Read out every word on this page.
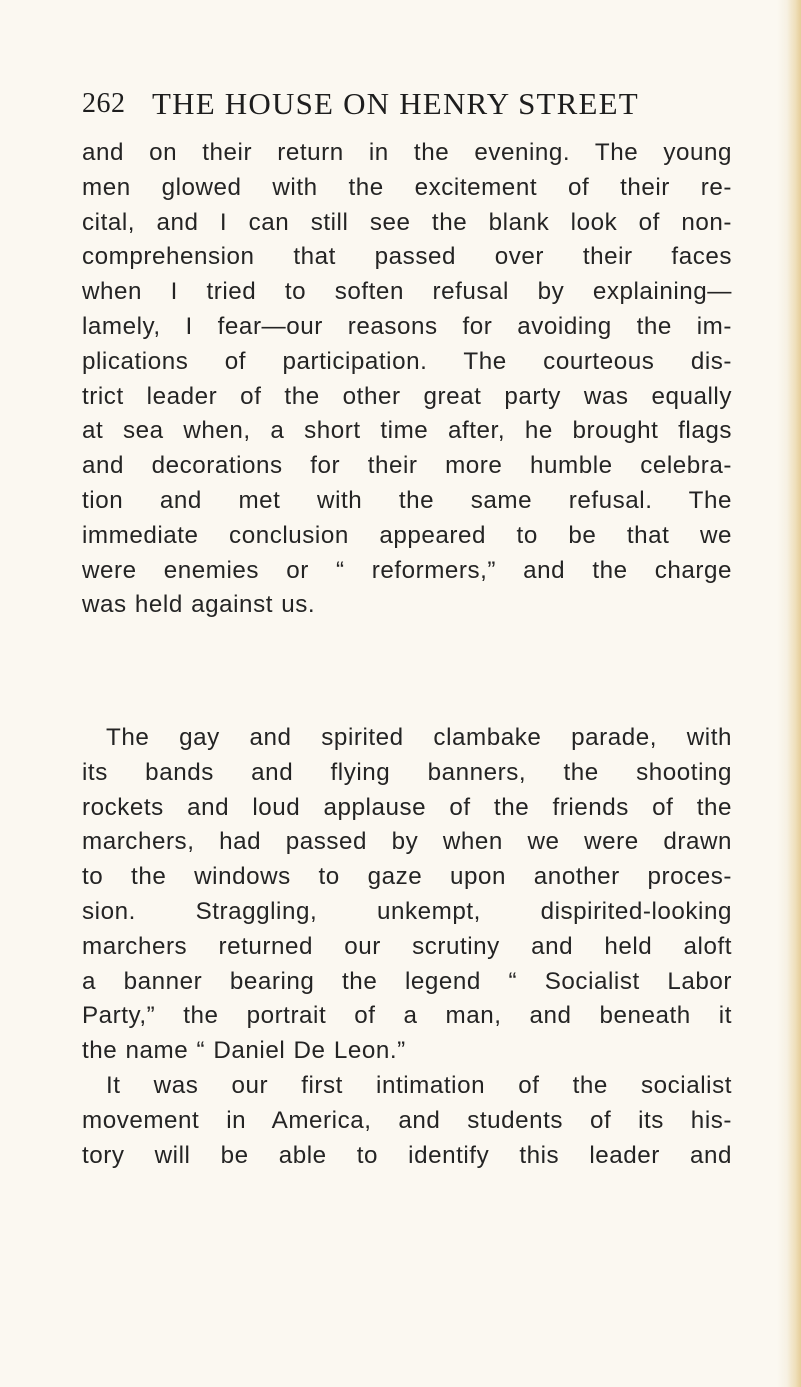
262 THE HOUSE ON HENRY STREET
and on their return in the evening. The young
men glowed with the excitement of their re-
cital, and I can still see the blank look of non-
comprehension that passed over their faces
when I tried to soften refusal by explaining—
lamely, I fear—our reasons for avoiding the im-
plications of participation. The courteous dis-
trict leader of the other great party was equally
at sea when, a short time after, he brought flags
and decorations for their more humble celebra-
tion and met with the same refusal. The
immediate conclusion appeared to be that we
were enemies or “ reformers,” and the charge
was held against us.
The gay and spirited clambake parade, with
its bands and flying banners, the shooting
rockets and loud applause of the friends of the
marchers, had passed by when we were drawn
to the windows to gaze upon another proces-
sion. Straggling, unkempt, dispirited-looking
marchers returned our scrutiny and held aloft
a banner bearing the legend “ Socialist Labor
Party,” the portrait of a man, and beneath it
the name “ Daniel De Leon.”
It was our first intimation of the socialist
movement in America, and students of its his-
tory will be able to identify this leader and
